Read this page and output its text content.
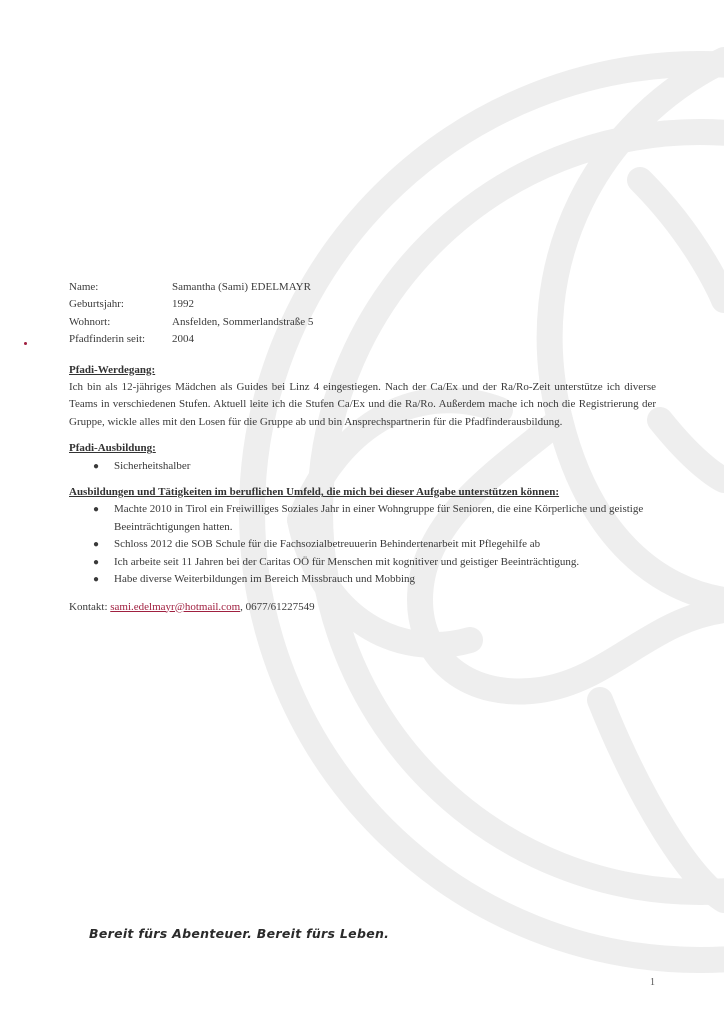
Name:	Samantha (Sami) EDELMAYR
Geburtsjahr:	1992
Wohnort:	Ansfelden, Sommerlandstraße 5
Pfadfinderin seit:	2004
Pfadi-Werdegang:
Ich bin als 12-jähriges Mädchen als Guides bei Linz 4 eingestiegen. Nach der Ca/Ex und der Ra/Ro-Zeit unterstütze ich diverse Teams in verschiedenen Stufen. Aktuell leite ich die Stufen Ca/Ex und die Ra/Ro. Außerdem mache ich noch die Registrierung der Gruppe, wickle alles mit den Losen für die Gruppe ab und bin Ansprechspartnerin für die Pfadfinderausbildung.
Pfadi-Ausbildung:
● Sicherheitshalber
Ausbildungen und Tätigkeiten im beruflichen Umfeld, die mich bei dieser Aufgabe unterstützen können:
● Machte 2010 in Tirol ein Freiwilliges Soziales Jahr in einer Wohngruppe für Senioren, die eine Körperliche und geistige Beeinträchtigungen hatten.
● Schloss 2012 die SOB Schule für die Fachsozialbetreuuerin Behindertenarbeit mit Pflegehilfe ab
● Ich arbeite seit 11 Jahren bei der Caritas OÖ für Menschen mit kognitiver und geistiger Beeinträchtigung.
● Habe diverse Weiterbildungen im Bereich Missbrauch und Mobbing
Kontakt: sami.edelmayr@hotmail.com, 0677/61227549
Bereit fürs Abenteuer. Bereit fürs Leben.
1
